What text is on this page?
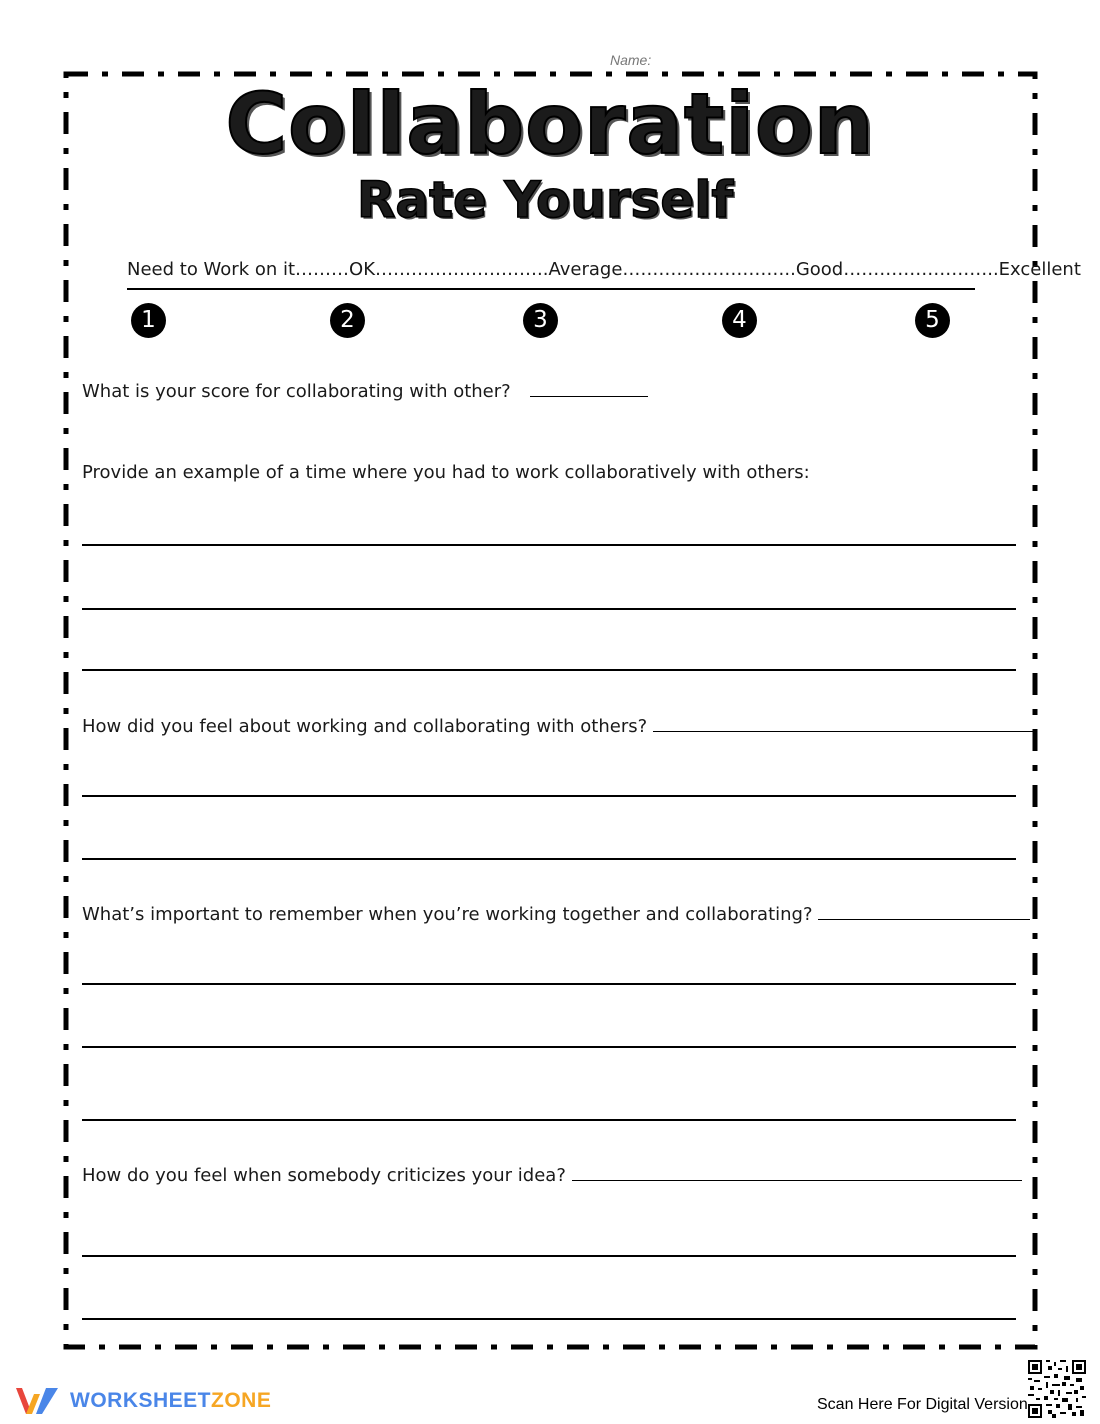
Name:
Collaboration
Rate Yourself
Need to Work on it………OK………………………..Average………………………..Good……………………..Excellent
1	2	3	4	5
What is your score for collaborating with other?
Provide an example of a time where you had to work collaboratively with others:
How did you feel about working and collaborating with others?
What’s important to remember when you’re working together and collaborating?
How do you feel when somebody criticizes your idea?
WORKSHEETZONE	Scan Here For Digital Version
